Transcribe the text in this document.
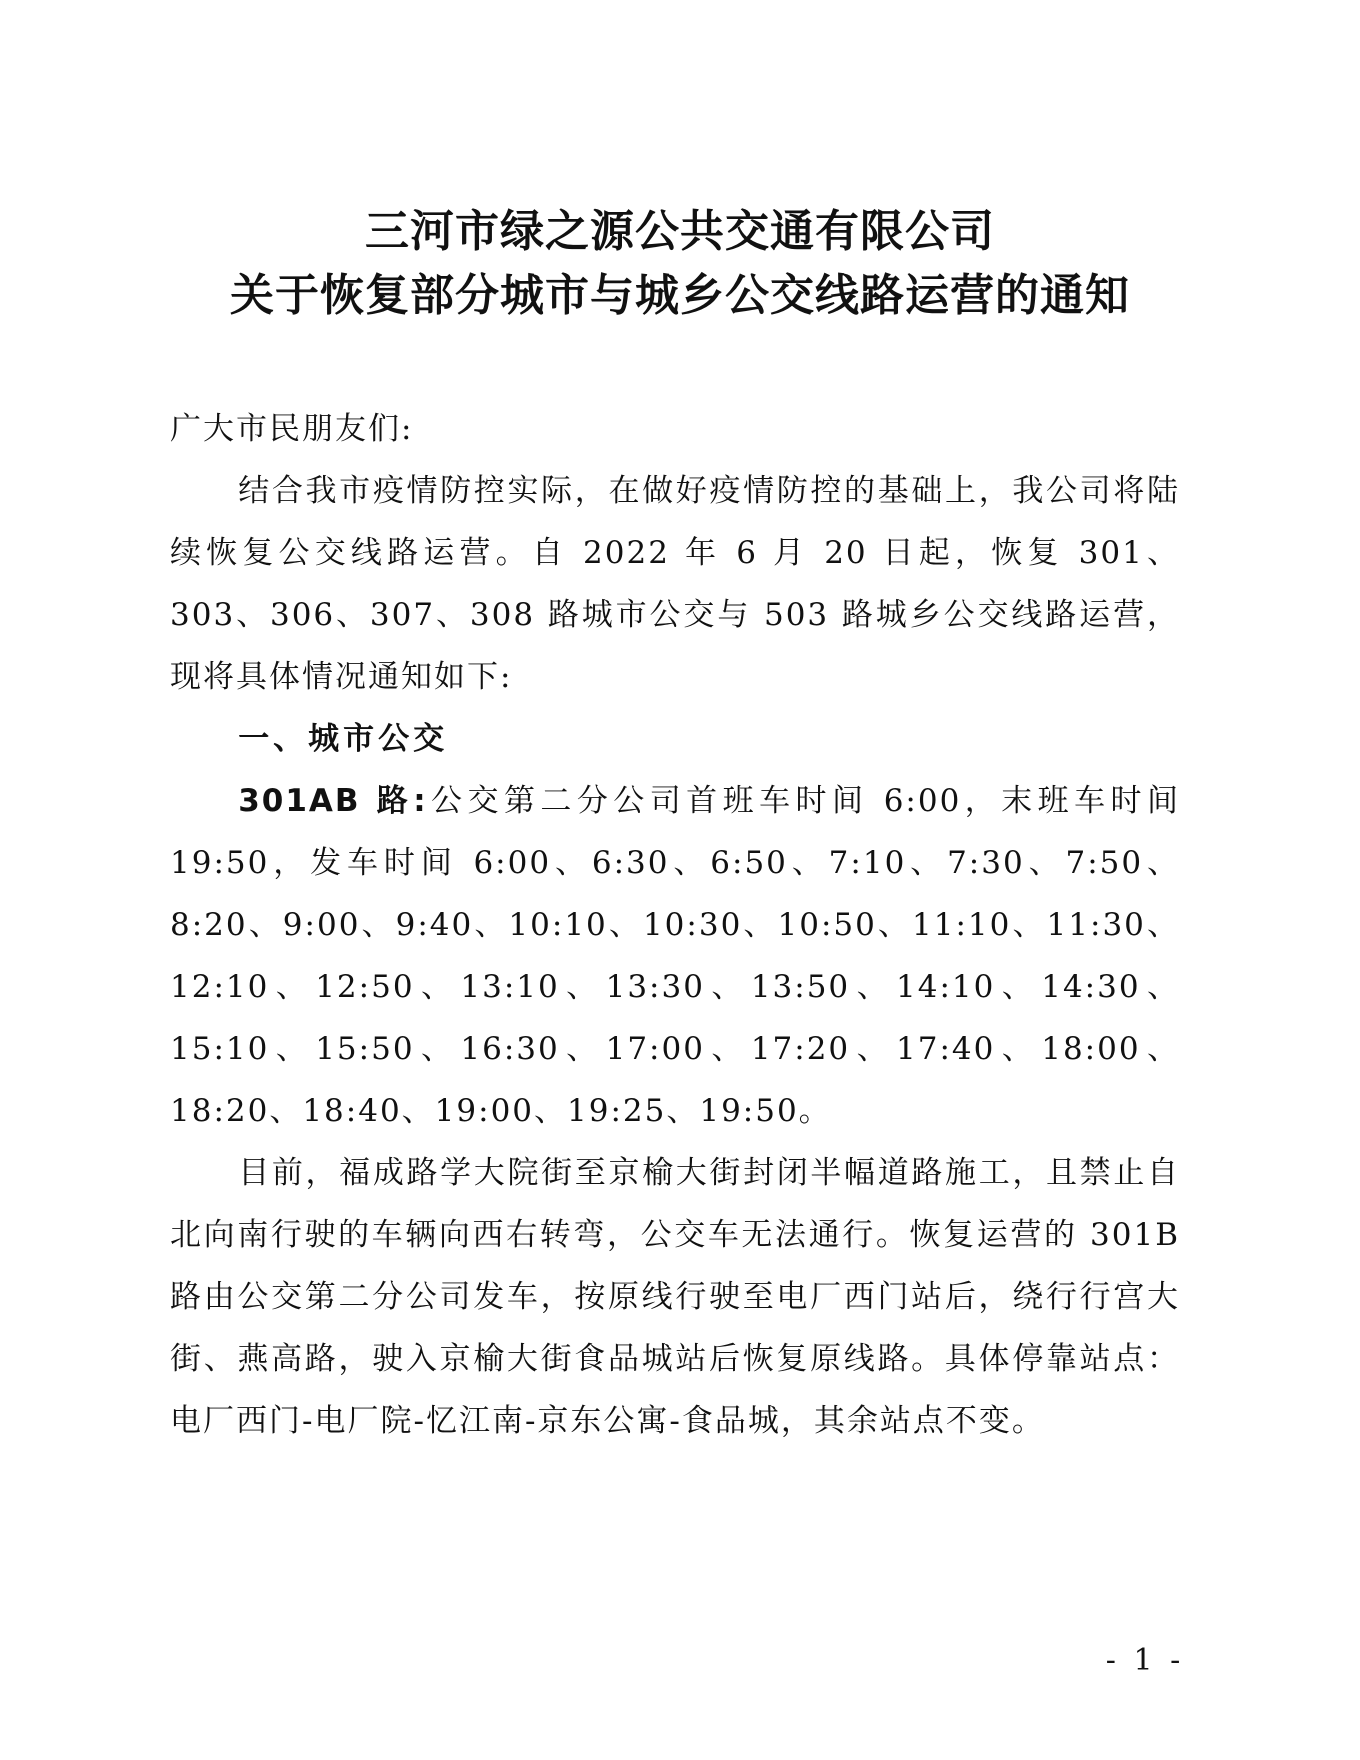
三河市绿之源公共交通有限公司
关于恢复部分城市与城乡公交线路运营的通知

广大市民朋友们:

结合我市疫情防控实际，在做好疫情防控的基础上，我公司将陆续恢复公交线路运营。自 2022 年 6 月 20 日起，恢复 301、303、306、307、308 路城市公交与 503 路城乡公交线路运营，现将具体情况通知如下:

一、城市公交

301AB 路:公交第二分公司首班车时间 6:00，末班车时间 19:50，发车时间 6:00、6:30、6:50、7:10、7:30、7:50、8:20、9:00、9:40、10:10、10:30、10:50、11:10、11:30、12:10、12:50、13:10、13:30、13:50、14:10、14:30、15:10、15:50、16:30、17:00、17:20、17:40、18:00、18:20、18:40、19:00、19:25、19:50。

目前，福成路学大院街至京榆大街封闭半幅道路施工，且禁止自北向南行驶的车辆向西右转弯，公交车无法通行。恢复运营的 301B 路由公交第二分公司发车，按原线行驶至电厂西门站后，绕行行宫大街、燕高路，驶入京榆大街食品城站后恢复原线路。具体停靠站点：电厂西门-电厂院-忆江南-京东公寓-食品城，其余站点不变。

- 1 -
